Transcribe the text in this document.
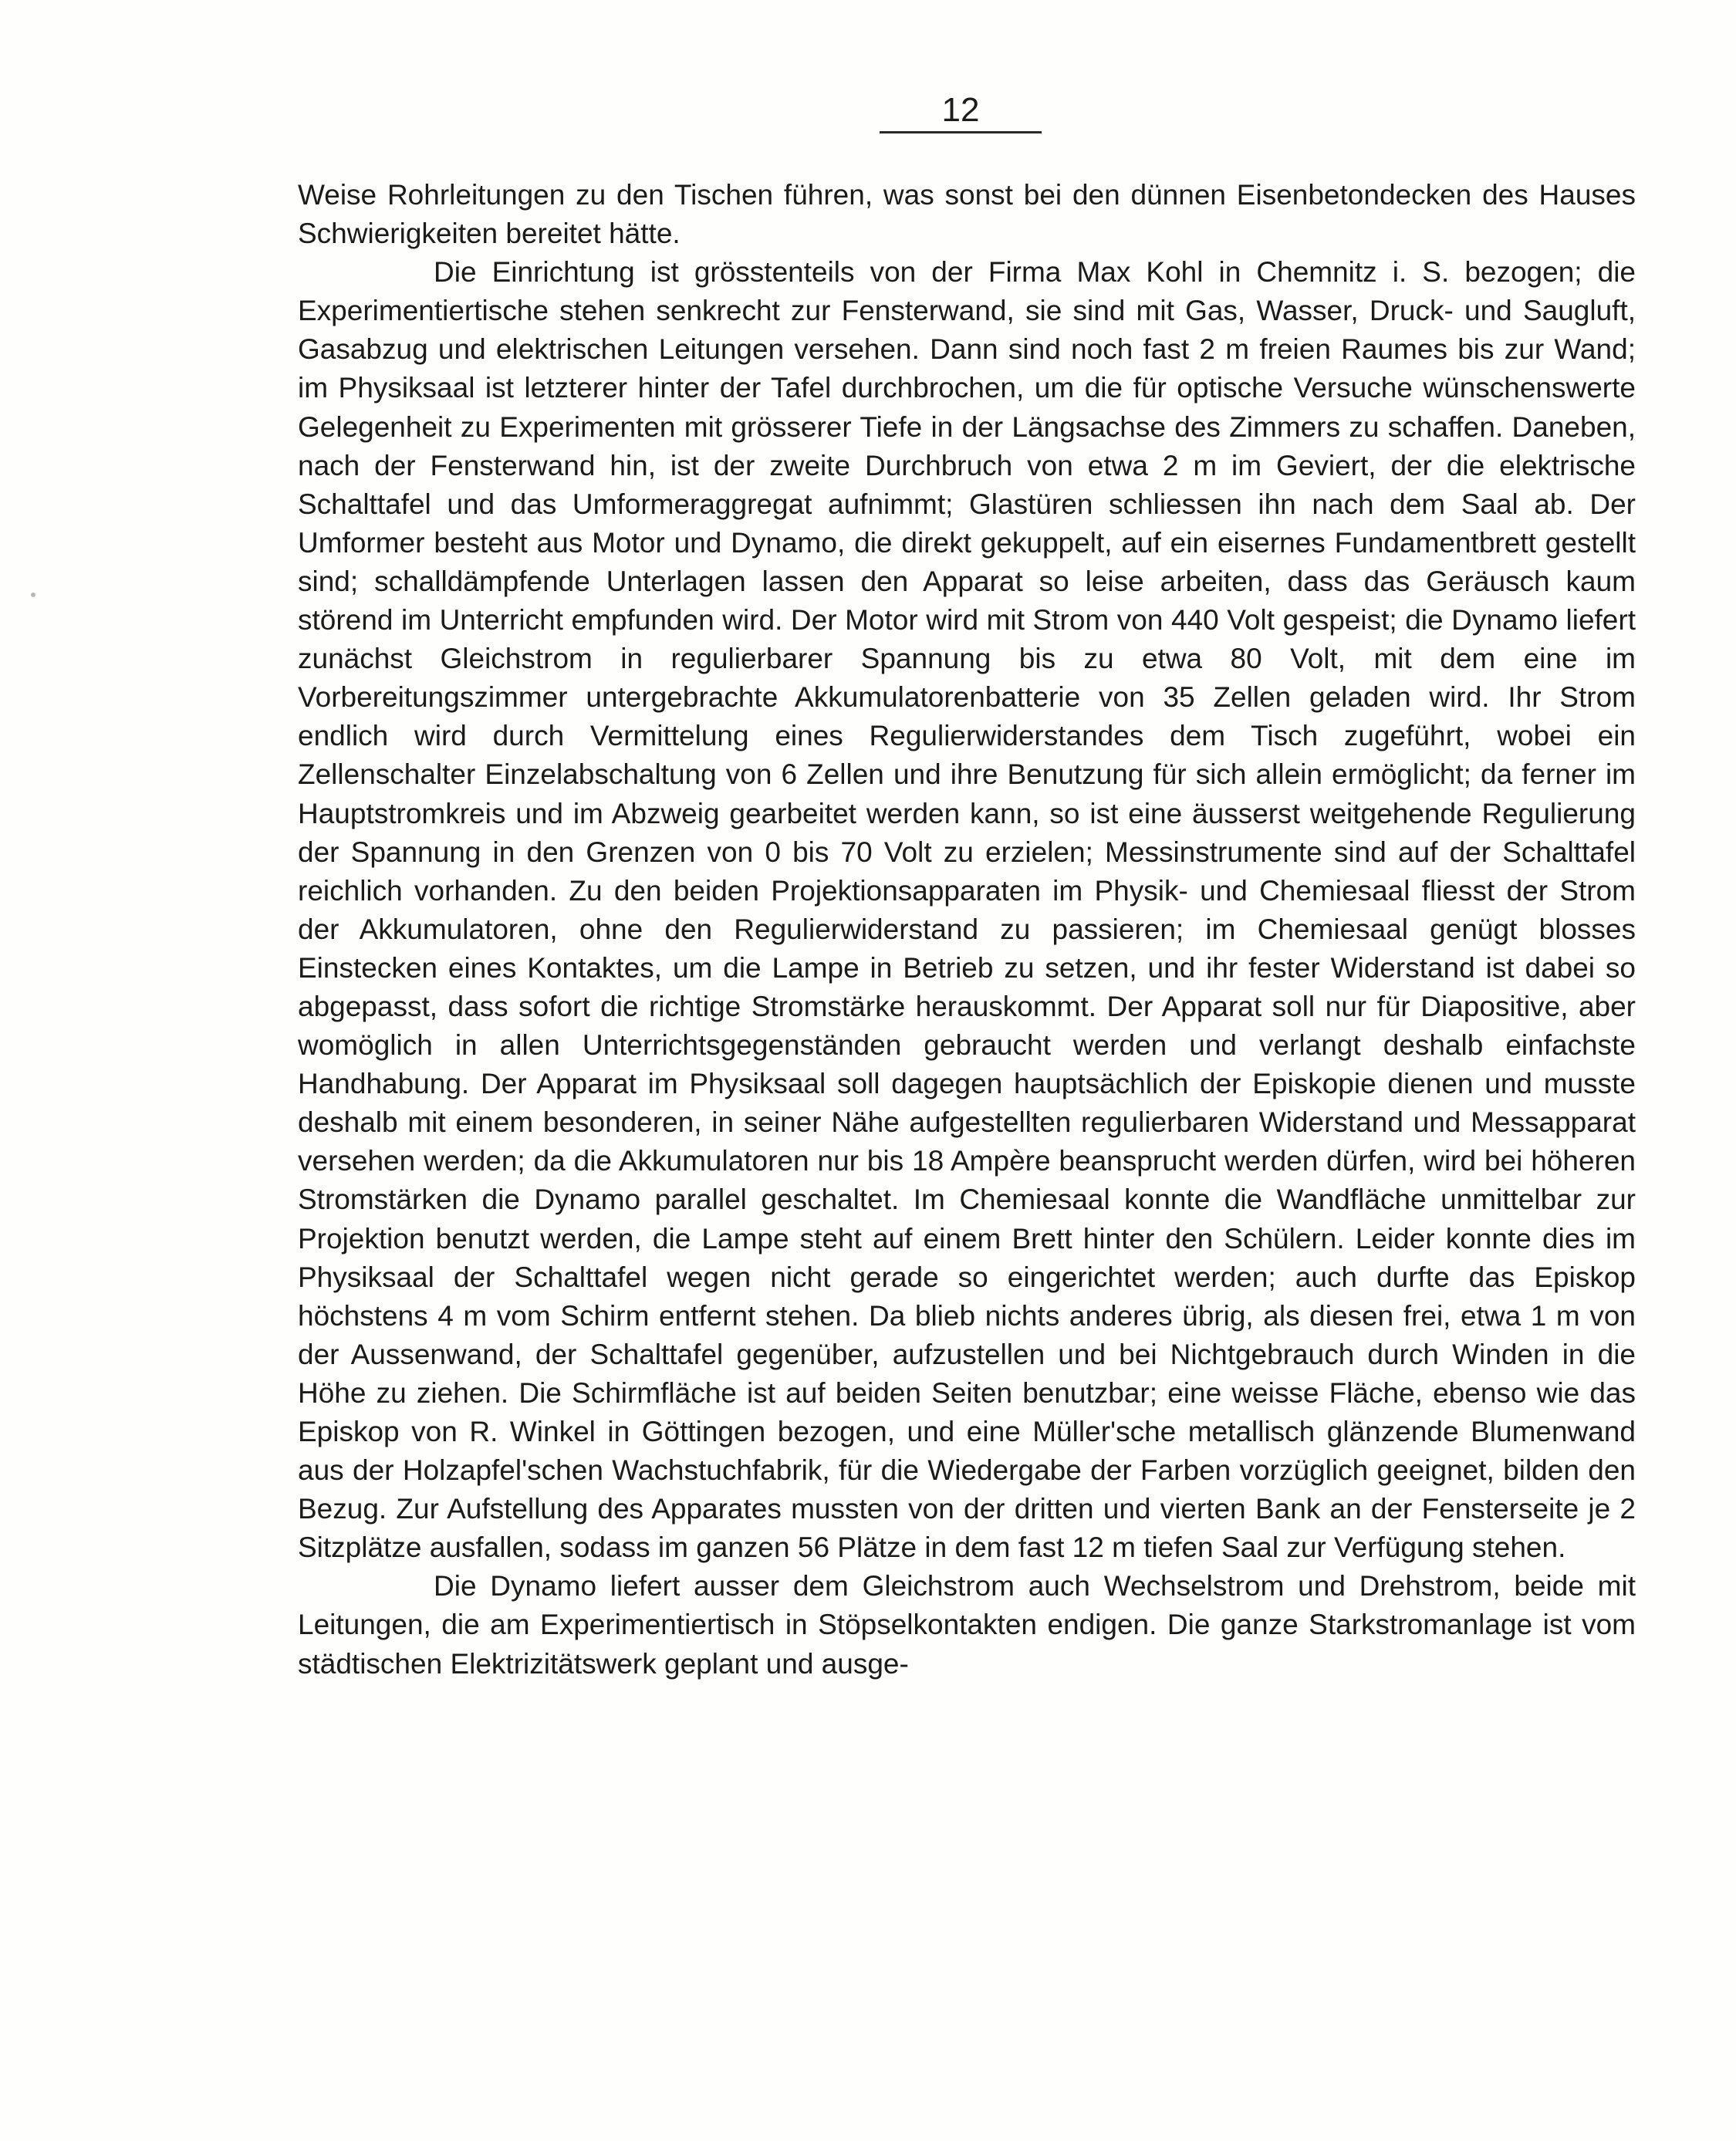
12

Weise Rohrleitungen zu den Tischen führen, was sonst bei den dünnen Eisenbetondecken des Hauses Schwierigkeiten bereitet hätte.

Die Einrichtung ist grösstenteils von der Firma Max Kohl in Chemnitz i. S. bezogen; die Experimentiertische stehen senkrecht zur Fensterwand, sie sind mit Gas, Wasser, Druck- und Saugluft, Gasabzug und elektrischen Leitungen versehen. Dann sind noch fast 2 m freien Raumes bis zur Wand; im Physiksaal ist letzterer hinter der Tafel durchbrochen, um die für optische Versuche wünschenswerte Gelegenheit zu Experimenten mit grösserer Tiefe in der Längsachse des Zimmers zu schaffen. Daneben, nach der Fensterwand hin, ist der zweite Durchbruch von etwa 2 m im Geviert, der die elektrische Schalttafel und das Umformeraggregat aufnimmt; Glastüren schliessen ihn nach dem Saal ab. Der Umformer besteht aus Motor und Dynamo, die direkt gekuppelt, auf ein eisernes Fundamentbrett gestellt sind; schalldämpfende Unterlagen lassen den Apparat so leise arbeiten, dass das Geräusch kaum störend im Unterricht empfunden wird. Der Motor wird mit Strom von 440 Volt gespeist; die Dynamo liefert zunächst Gleichstrom in regulierbarer Spannung bis zu etwa 80 Volt, mit dem eine im Vorbereitungszimmer untergebrachte Akkumulatorenbatterie von 35 Zellen geladen wird. Ihr Strom endlich wird durch Vermittelung eines Regulierwiderstandes dem Tisch zugeführt, wobei ein Zellenschalter Einzelabschaltung von 6 Zellen und ihre Benutzung für sich allein ermöglicht; da ferner im Hauptstromkreis und im Abzweig gearbeitet werden kann, so ist eine äusserst weitgehende Regulierung der Spannung in den Grenzen von 0 bis 70 Volt zu erzielen; Messinstrumente sind auf der Schalttafel reichlich vorhanden. Zu den beiden Projektionsapparaten im Physik- und Chemiesaal fliesst der Strom der Akkumulatoren, ohne den Regulierwiderstand zu passieren; im Chemiesaal genügt blosses Einstecken eines Kontaktes, um die Lampe in Betrieb zu setzen, und ihr fester Widerstand ist dabei so abgepasst, dass sofort die richtige Stromstärke herauskommt. Der Apparat soll nur für Diapositive, aber womöglich in allen Unterrichtsgegenständen gebraucht werden und verlangt deshalb einfachste Handhabung. Der Apparat im Physiksaal soll dagegen hauptsächlich der Episkopie dienen und musste deshalb mit einem besonderen, in seiner Nähe aufgestellten regulierbaren Widerstand und Messapparat versehen werden; da die Akkumulatoren nur bis 18 Ampère beansprucht werden dürfen, wird bei höheren Stromstärken die Dynamo parallel geschaltet. Im Chemiesaal konnte die Wandfläche unmittelbar zur Projektion benutzt werden, die Lampe steht auf einem Brett hinter den Schülern. Leider konnte dies im Physiksaal der Schalttafel wegen nicht gerade so eingerichtet werden; auch durfte das Episkop höchstens 4 m vom Schirm entfernt stehen. Da blieb nichts anderes übrig, als diesen frei, etwa 1 m von der Aussenwand, der Schalttafel gegenüber, aufzustellen und bei Nichtgebrauch durch Winden in die Höhe zu ziehen. Die Schirmfläche ist auf beiden Seiten benutzbar; eine weisse Fläche, ebenso wie das Episkop von R. Winkel in Göttingen bezogen, und eine Müller'sche metallisch glänzende Blumenwand aus der Holzapfel'schen Wachstuchfabrik, für die Wiedergabe der Farben vorzüglich geeignet, bilden den Bezug. Zur Aufstellung des Apparates mussten von der dritten und vierten Bank an der Fensterseite je 2 Sitzplätze ausfallen, sodass im ganzen 56 Plätze in dem fast 12 m tiefen Saal zur Verfügung stehen.

Die Dynamo liefert ausser dem Gleichstrom auch Wechselstrom und Drehstrom, beide mit Leitungen, die am Experimentiertisch in Stöpselkontakten endigen. Die ganze Starkstromanlage ist vom städtischen Elektrizitätswerk geplant und ausge-
